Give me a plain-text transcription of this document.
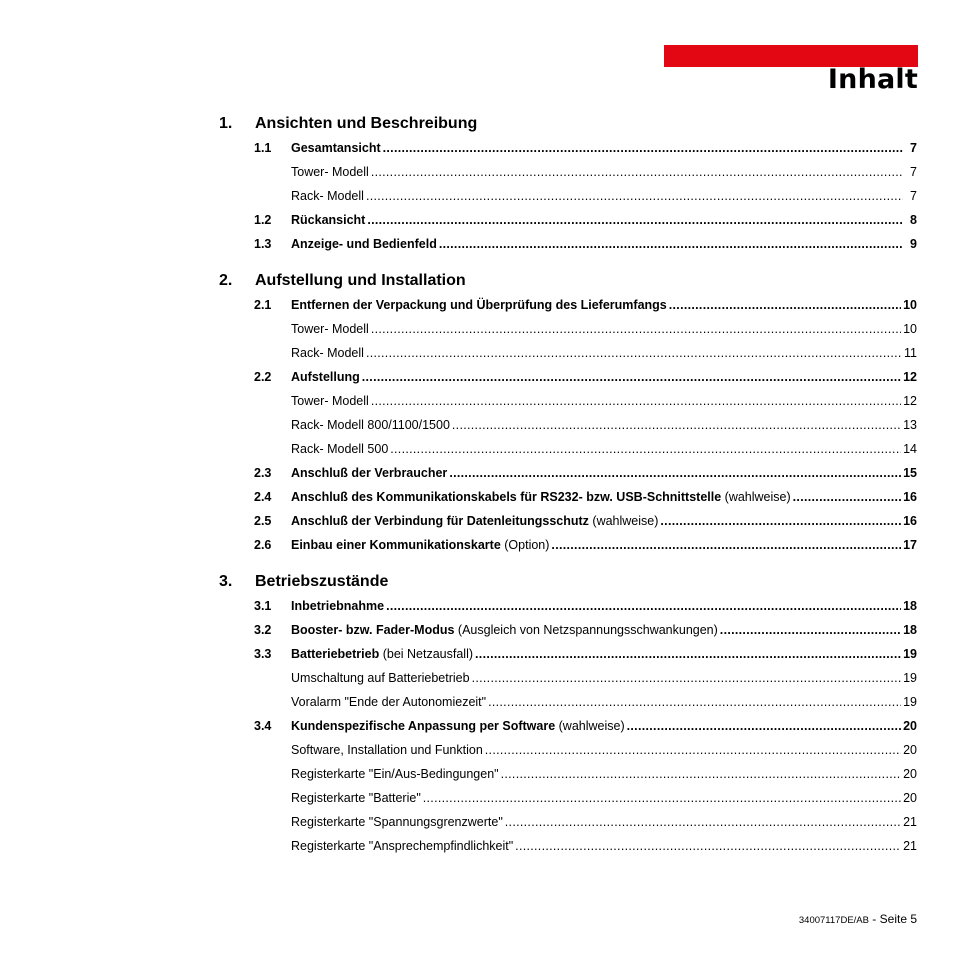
Inhalt
1. Ansichten und Beschreibung
1.1	Gesamtansicht .....	7
Tower- Modell .....	7
Rack- Modell .....	7
1.2	Rückansicht .....	8
1.3	Anzeige- und Bedienfeld .....	9
2. Aufstellung und Installation
2.1	Entfernen der Verpackung und Überprüfung des Lieferumfangs .....	10
Tower- Modell .....	10
Rack- Modell .....	11
2.2	Aufstellung .....	12
Tower- Modell .....	12
Rack- Modell 800/1100/1500 .....	13
Rack- Modell 500 .....	14
2.3	Anschluß der Verbraucher .....	15
2.4	Anschluß des Kommunikationskabels für RS232- bzw. USB-Schnittstelle (wahlweise) .....	16
2.5	Anschluß der Verbindung für Datenleitungsschutz (wahlweise) .....	16
2.6	Einbau einer Kommunikationskarte (Option) .....	17
3. Betriebszustände
3.1	Inbetriebnahme .....	18
3.2	Booster- bzw. Fader-Modus (Ausgleich von Netzspannungsschwankungen) .....	18
3.3	Batteriebetrieb (bei Netzausfall) .....	19
Umschaltung auf Batteriebetrieb .....	19
Voralarm "Ende der Autonomiezeit" .....	19
3.4	Kundenspezifische Anpassung per Software (wahlweise) .....	20
Software, Installation und Funktion .....	20
Registerkarte "Ein/Aus-Bedingungen" .....	20
Registerkarte "Batterie" .....	20
Registerkarte "Spannungsgrenzwerte" .....	21
Registerkarte "Ansprechempfindlichkeit" .....	21
34007117DE/AB - Seite 5
